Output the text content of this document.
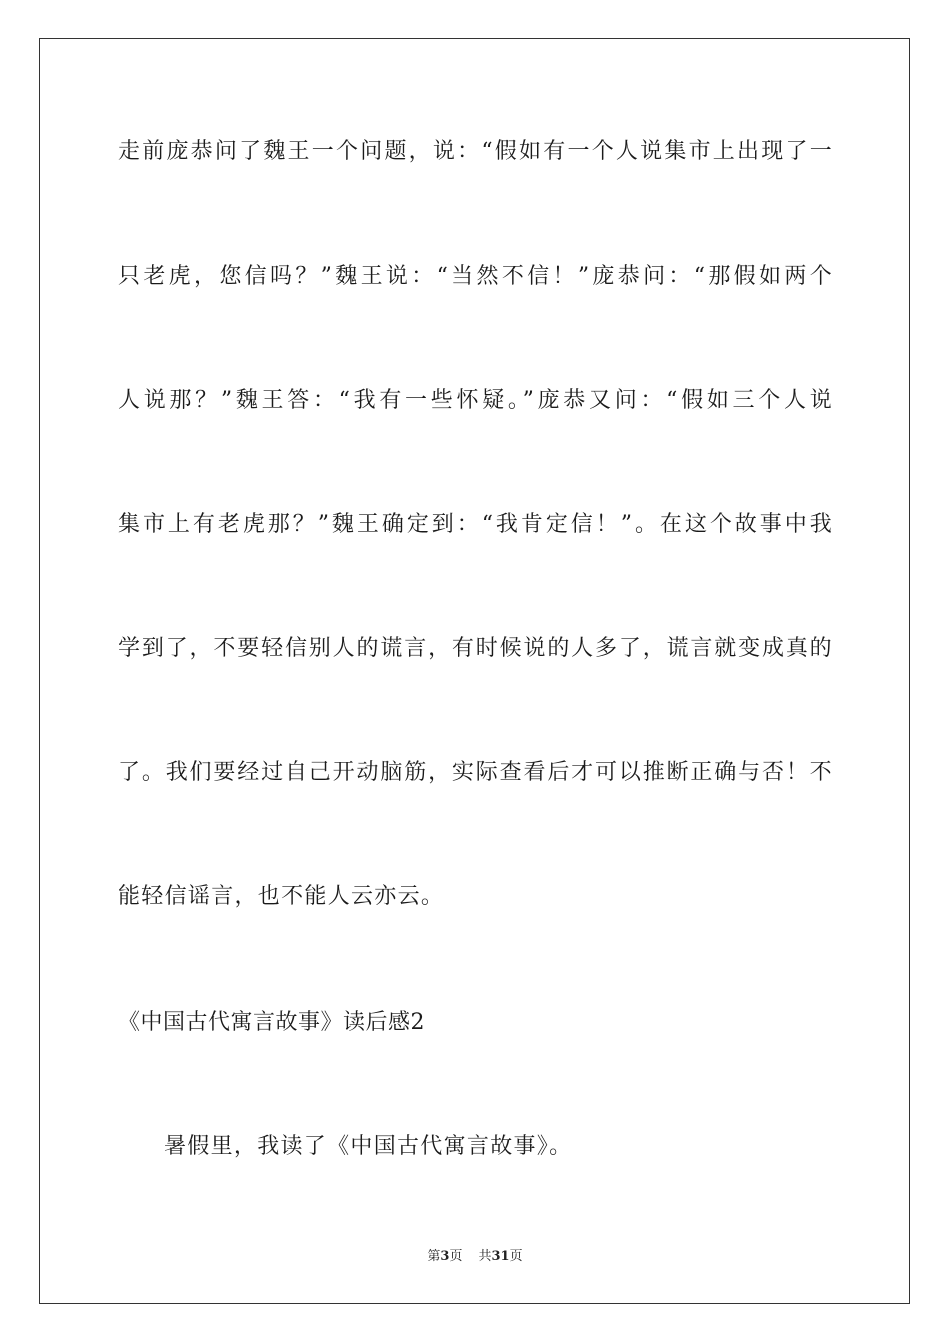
走前庞恭问了魏王一个问题，说：“假如有一个人说集市上出现了一
只老虎，您信吗？”魏王说：“当然不信！”庞恭问：“那假如两个
人说那？”魏王答：“我有一些怀疑。”庞恭又问：“假如三个人说
集市上有老虎那？”魏王确定到：“我肯定信！”。在这个故事中我
学到了，不要轻信别人的谎言，有时候说的人多了，谎言就变成真的
了。我们要经过自己开动脑筋，实际查看后才可以推断正确与否！不
能轻信谣言，也不能人云亦云。
《中国古代寓言故事》读后感2
暑假里，我读了《中国古代寓言故事》。
第3页 共31页
